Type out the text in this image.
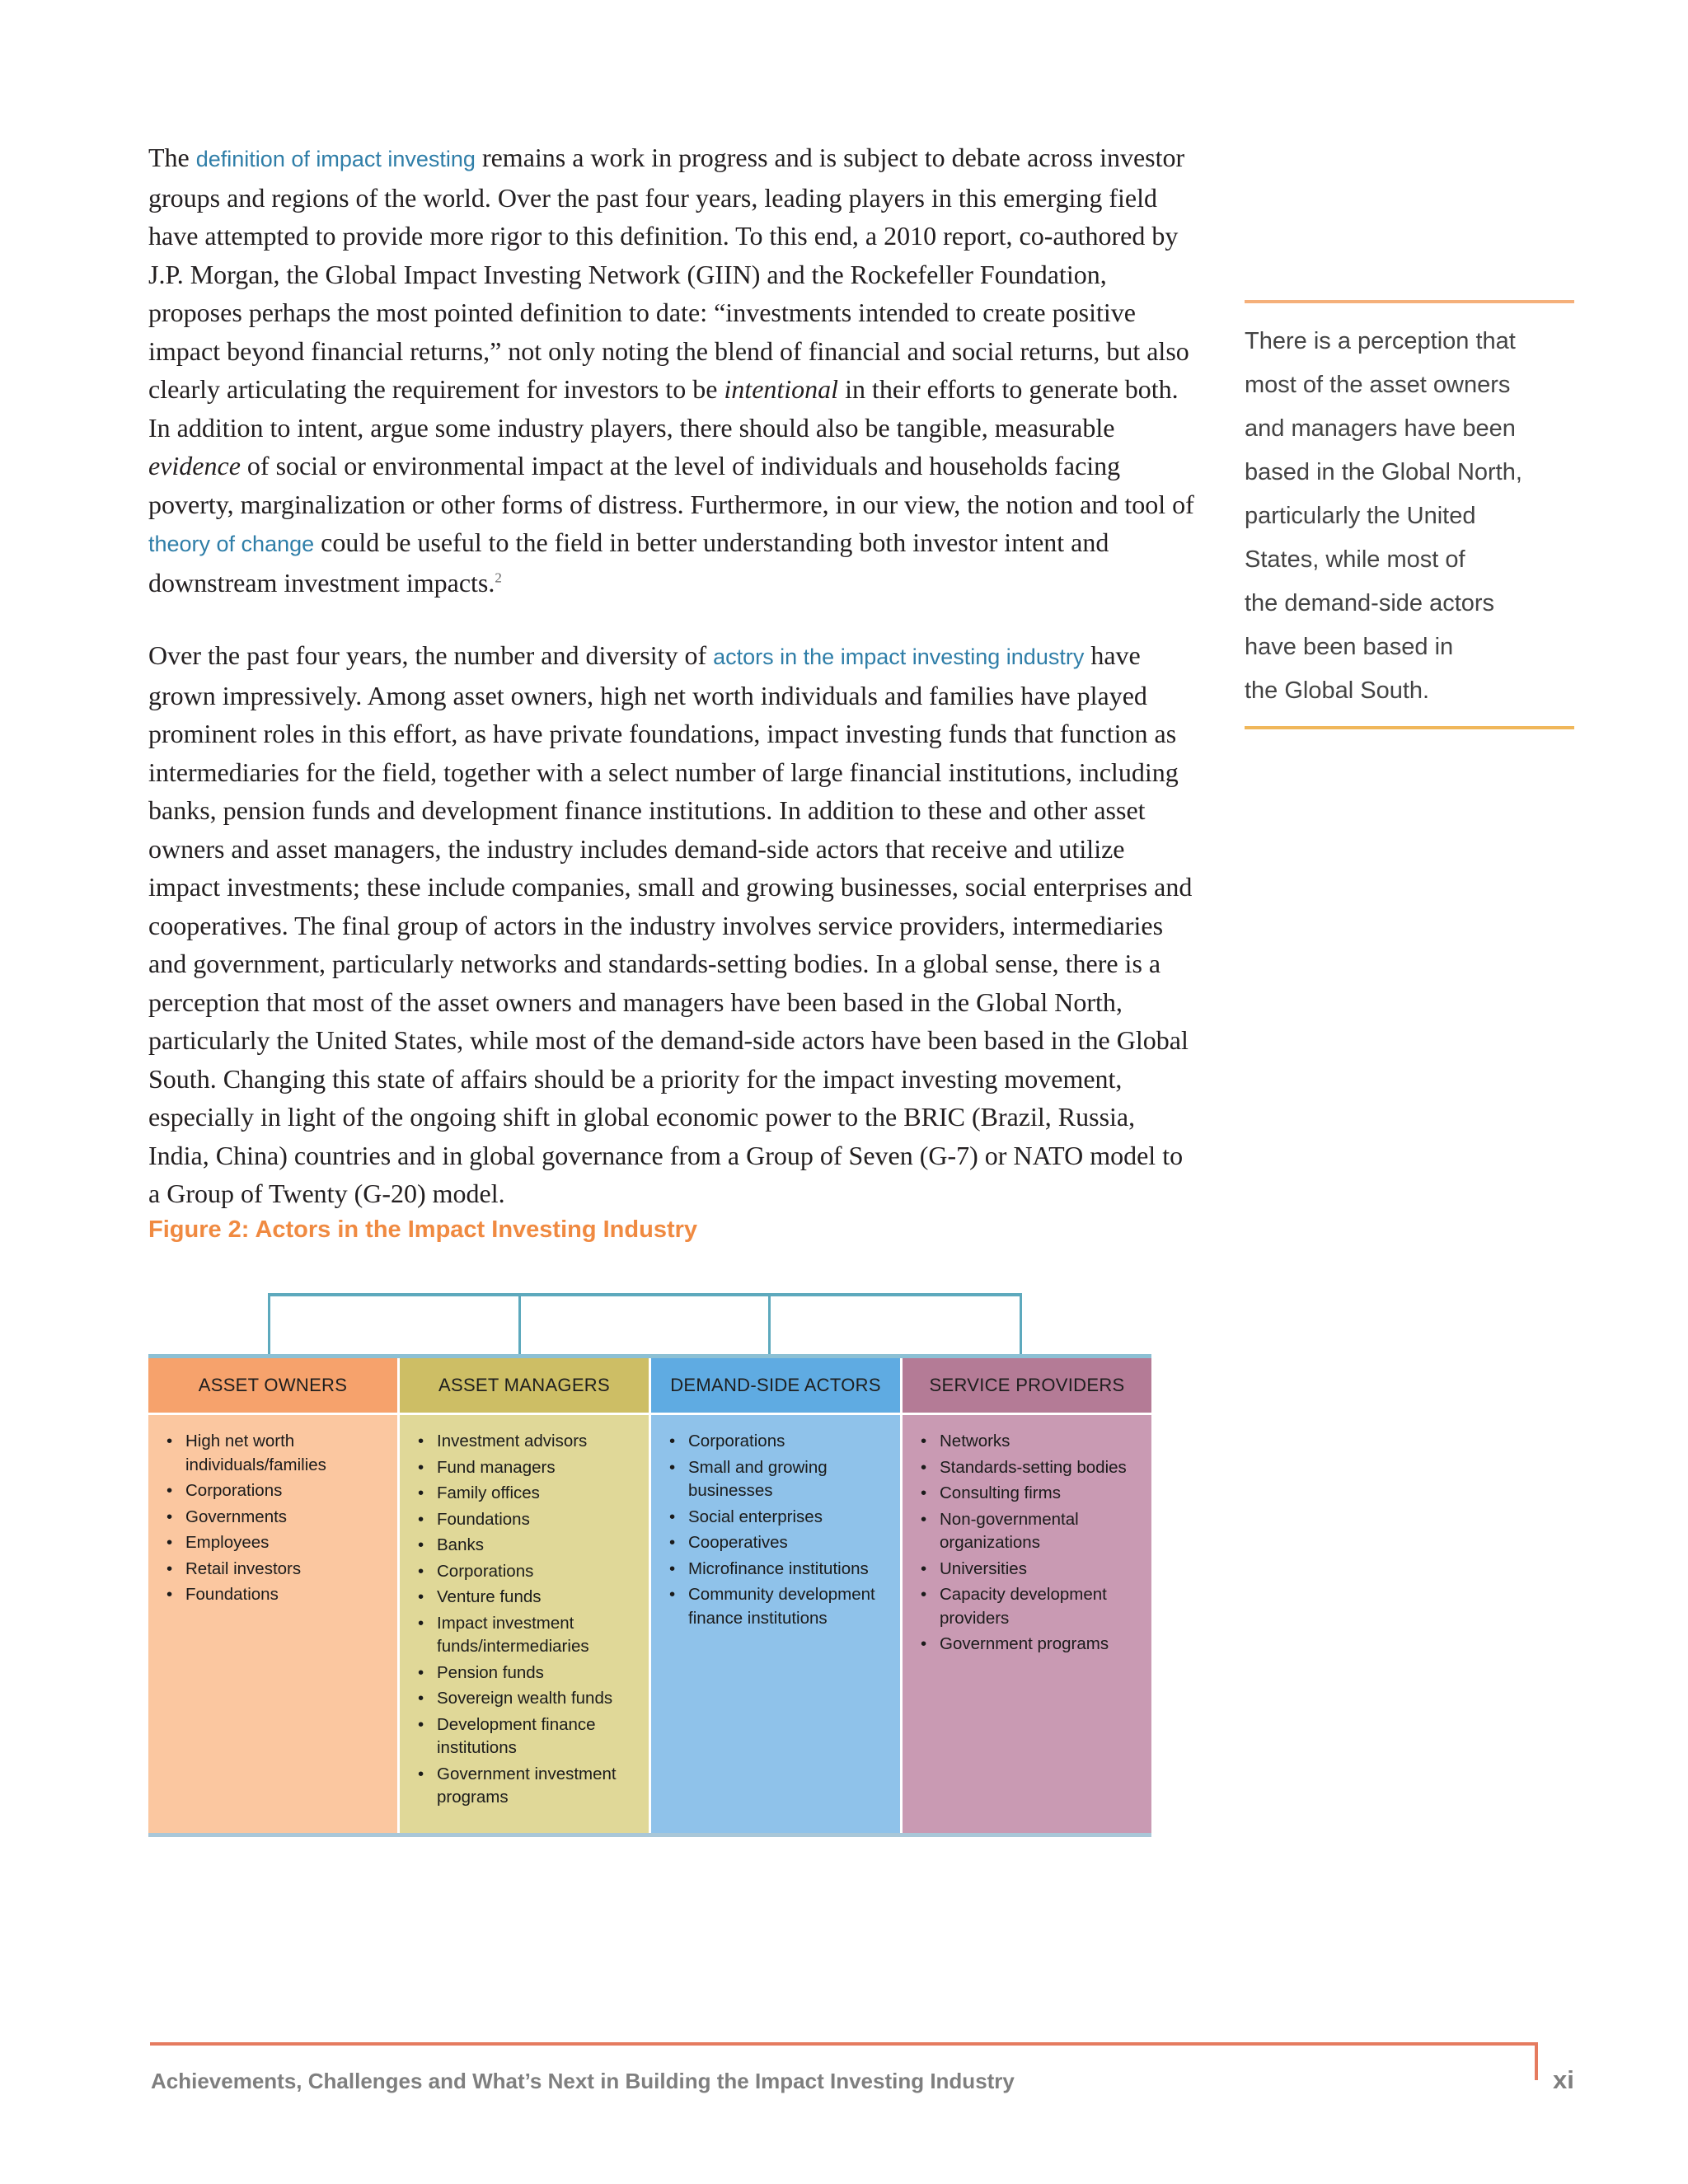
The definition of impact investing remains a work in progress and is subject to debate across investor groups and regions of the world. Over the past four years, leading players in this emerging field have attempted to provide more rigor to this definition. To this end, a 2010 report, co-authored by J.P. Morgan, the Global Impact Investing Network (GIIN) and the Rockefeller Foundation, proposes perhaps the most pointed definition to date: “investments intended to create positive impact beyond financial returns,” not only noting the blend of financial and social returns, but also clearly articulating the requirement for investors to be intentional in their efforts to generate both. In addition to intent, argue some industry players, there should also be tangible, measurable evidence of social or environmental impact at the level of individuals and households facing poverty, marginalization or other forms of distress. Furthermore, in our view, the notion and tool of theory of change could be useful to the field in better understanding both investor intent and downstream investment impacts.$^2$

Over the past four years, the number and diversity of actors in the impact investing industry have grown impressively. Among asset owners, high net worth individuals and families have played prominent roles in this effort, as have private foundations, impact investing funds that function as intermediaries for the field, together with a select number of large financial institutions, including banks, pension funds and development finance institutions. In addition to these and other asset owners and asset managers, the industry includes demand-side actors that receive and utilize impact investments; these include companies, small and growing businesses, social enterprises and cooperatives. The final group of actors in the industry involves service providers, intermediaries and government, particularly networks and standards-setting bodies. In a global sense, there is a perception that most of the asset owners and managers have been based in the Global North, particularly the United States, while most of the demand-side actors have been based in the Global South. Changing this state of affairs should be a priority for the impact investing movement, especially in light of the ongoing shift in global economic power to the BRIC (Brazil, Russia, India, China) countries and in global governance from a Group of Seven (G-7) or NATO model to a Group of Twenty (G-20) model.

There is a perception that
most of the asset owners
and managers have been
based in the Global North,
particularly the United
States, while most of
the demand-side actors
have been based in
the Global South.
Figure 2: Actors in the Impact Investing Industry
ASSET OWNERS
• High net worth individuals/families
• Corporations
• Governments
• Employees
• Retail investors
• Foundations
ASSET MANAGERS
• Investment advisors
• Fund managers
• Family offices
• Foundations
• Banks
• Corporations
• Venture funds
• Impact investment funds/intermediaries
• Pension funds
• Sovereign wealth funds
• Development finance institutions
• Government investment programs
DEMAND-SIDE ACTORS
• Corporations
• Small and growing businesses
• Social enterprises
• Cooperatives
• Microfinance institutions
• Community development finance institutions
SERVICE PROVIDERS
• Networks
• Standards-setting bodies
• Consulting firms
• Non-governmental organizations
• Universities
• Capacity development providers
• Government programs
Achievements, Challenges and What’s Next in Building the Impact Investing Industry	xi
